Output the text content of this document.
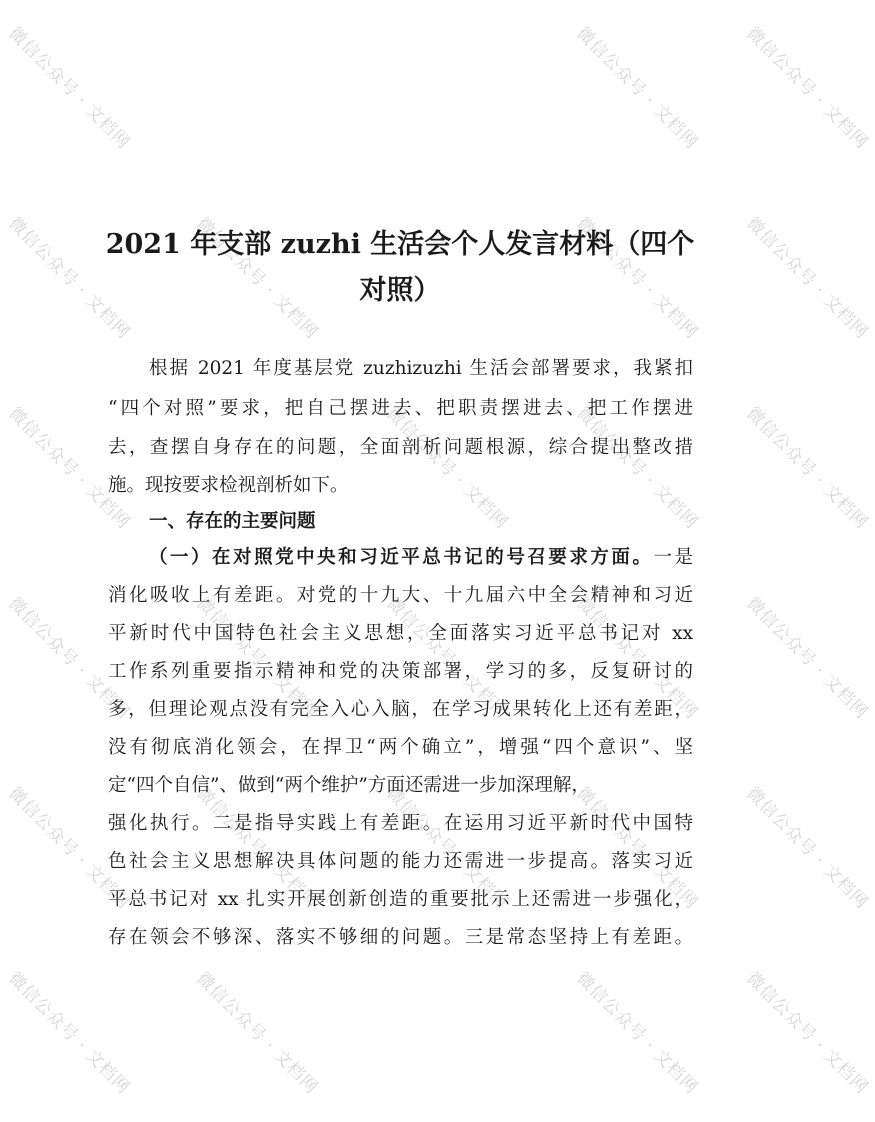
微信公众号 · 文档网	微信公众号 · 文档网 微信公众号 · 文档网
微信公众号 · 文档网	微信公众号 · 文档网	微信公众号 · 文档网 微信公众号 · 文档网
微信公众号 · 文档网	微信公众号 · 文档网	微信公众号 · 文档网 微信公众号 · 文档网
微信公众号 · 文档网	微信公众号 · 文档网	微信公众号 · 文档网	微信公众号 · 文档网 微信公众号 · 文档网
微信公众号 · 文档网	微信公众号 · 文档网	微信公众号 · 文档网	微信公众号 · 文档网 微信公众号 · 文档网
微信公众号 · 文档网	微信公众号 · 文档网	微信公众号 · 文档网 微信公众号 · 文档网
2021 年支部 zuzhi 生活会个人发言材料（四个
对照）
根据 2021 年度基层党 zuzhizuzhi 生活会部署要求，我紧扣
“四个对照”要求，把自己摆进去、把职责摆进去、把工作摆进
去，查摆自身存在的问题，全面剖析问题根源，综合提出整改措
施。现按要求检视剖析如下。
一、存在的主要问题
（一）在对照党中央和习近平总书记的号召要求方面。一是
消化吸收上有差距。对党的十九大、十九届六中全会精神和习近
平新时代中国特色社会主义思想，全面落实习近平总书记对 xx
工作系列重要指示精神和党的决策部署，学习的多，反复研讨的
多，但理论观点没有完全入心入脑，在学习成果转化上还有差距，
没有彻底消化领会，在捍卫“两个确立”，增强“四个意识”、坚
定“四个自信”、做到“两个维护”方面还需进一步加深理解，
强化执行。二是指导实践上有差距。在运用习近平新时代中国特
色社会主义思想解决具体问题的能力还需进一步提高。落实习近
平总书记对 xx 扎实开展创新创造的重要批示上还需进一步强化，
存在领会不够深、落实不够细的问题。三是常态坚持上有差距。
